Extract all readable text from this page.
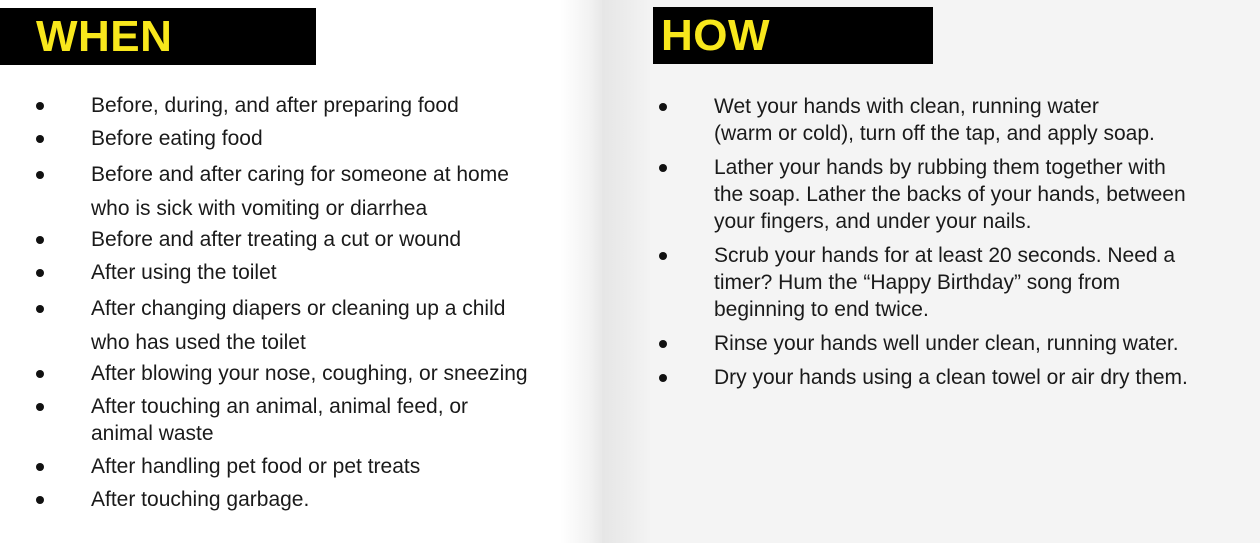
WHEN
Before, during, and after preparing food
Before eating food
Before and after caring for someone at home
who is sick with vomiting or diarrhea
Before and after treating a cut or wound
After using the toilet
After changing diapers or cleaning up a child
who has used the toilet
After blowing your nose, coughing, or sneezing
After touching an animal, animal feed, or
animal waste
After handling pet food or pet treats
After touching garbage.
HOW
Wet your hands with clean, running water
(warm or cold), turn off the tap, and apply soap.
Lather your hands by rubbing them together with
the soap. Lather the backs of your hands, between
your fingers, and under your nails.
Scrub your hands for at least 20 seconds. Need a
timer? Hum the “Happy Birthday” song from
beginning to end twice.
Rinse your hands well under clean, running water.
Dry your hands using a clean towel or air dry them.
